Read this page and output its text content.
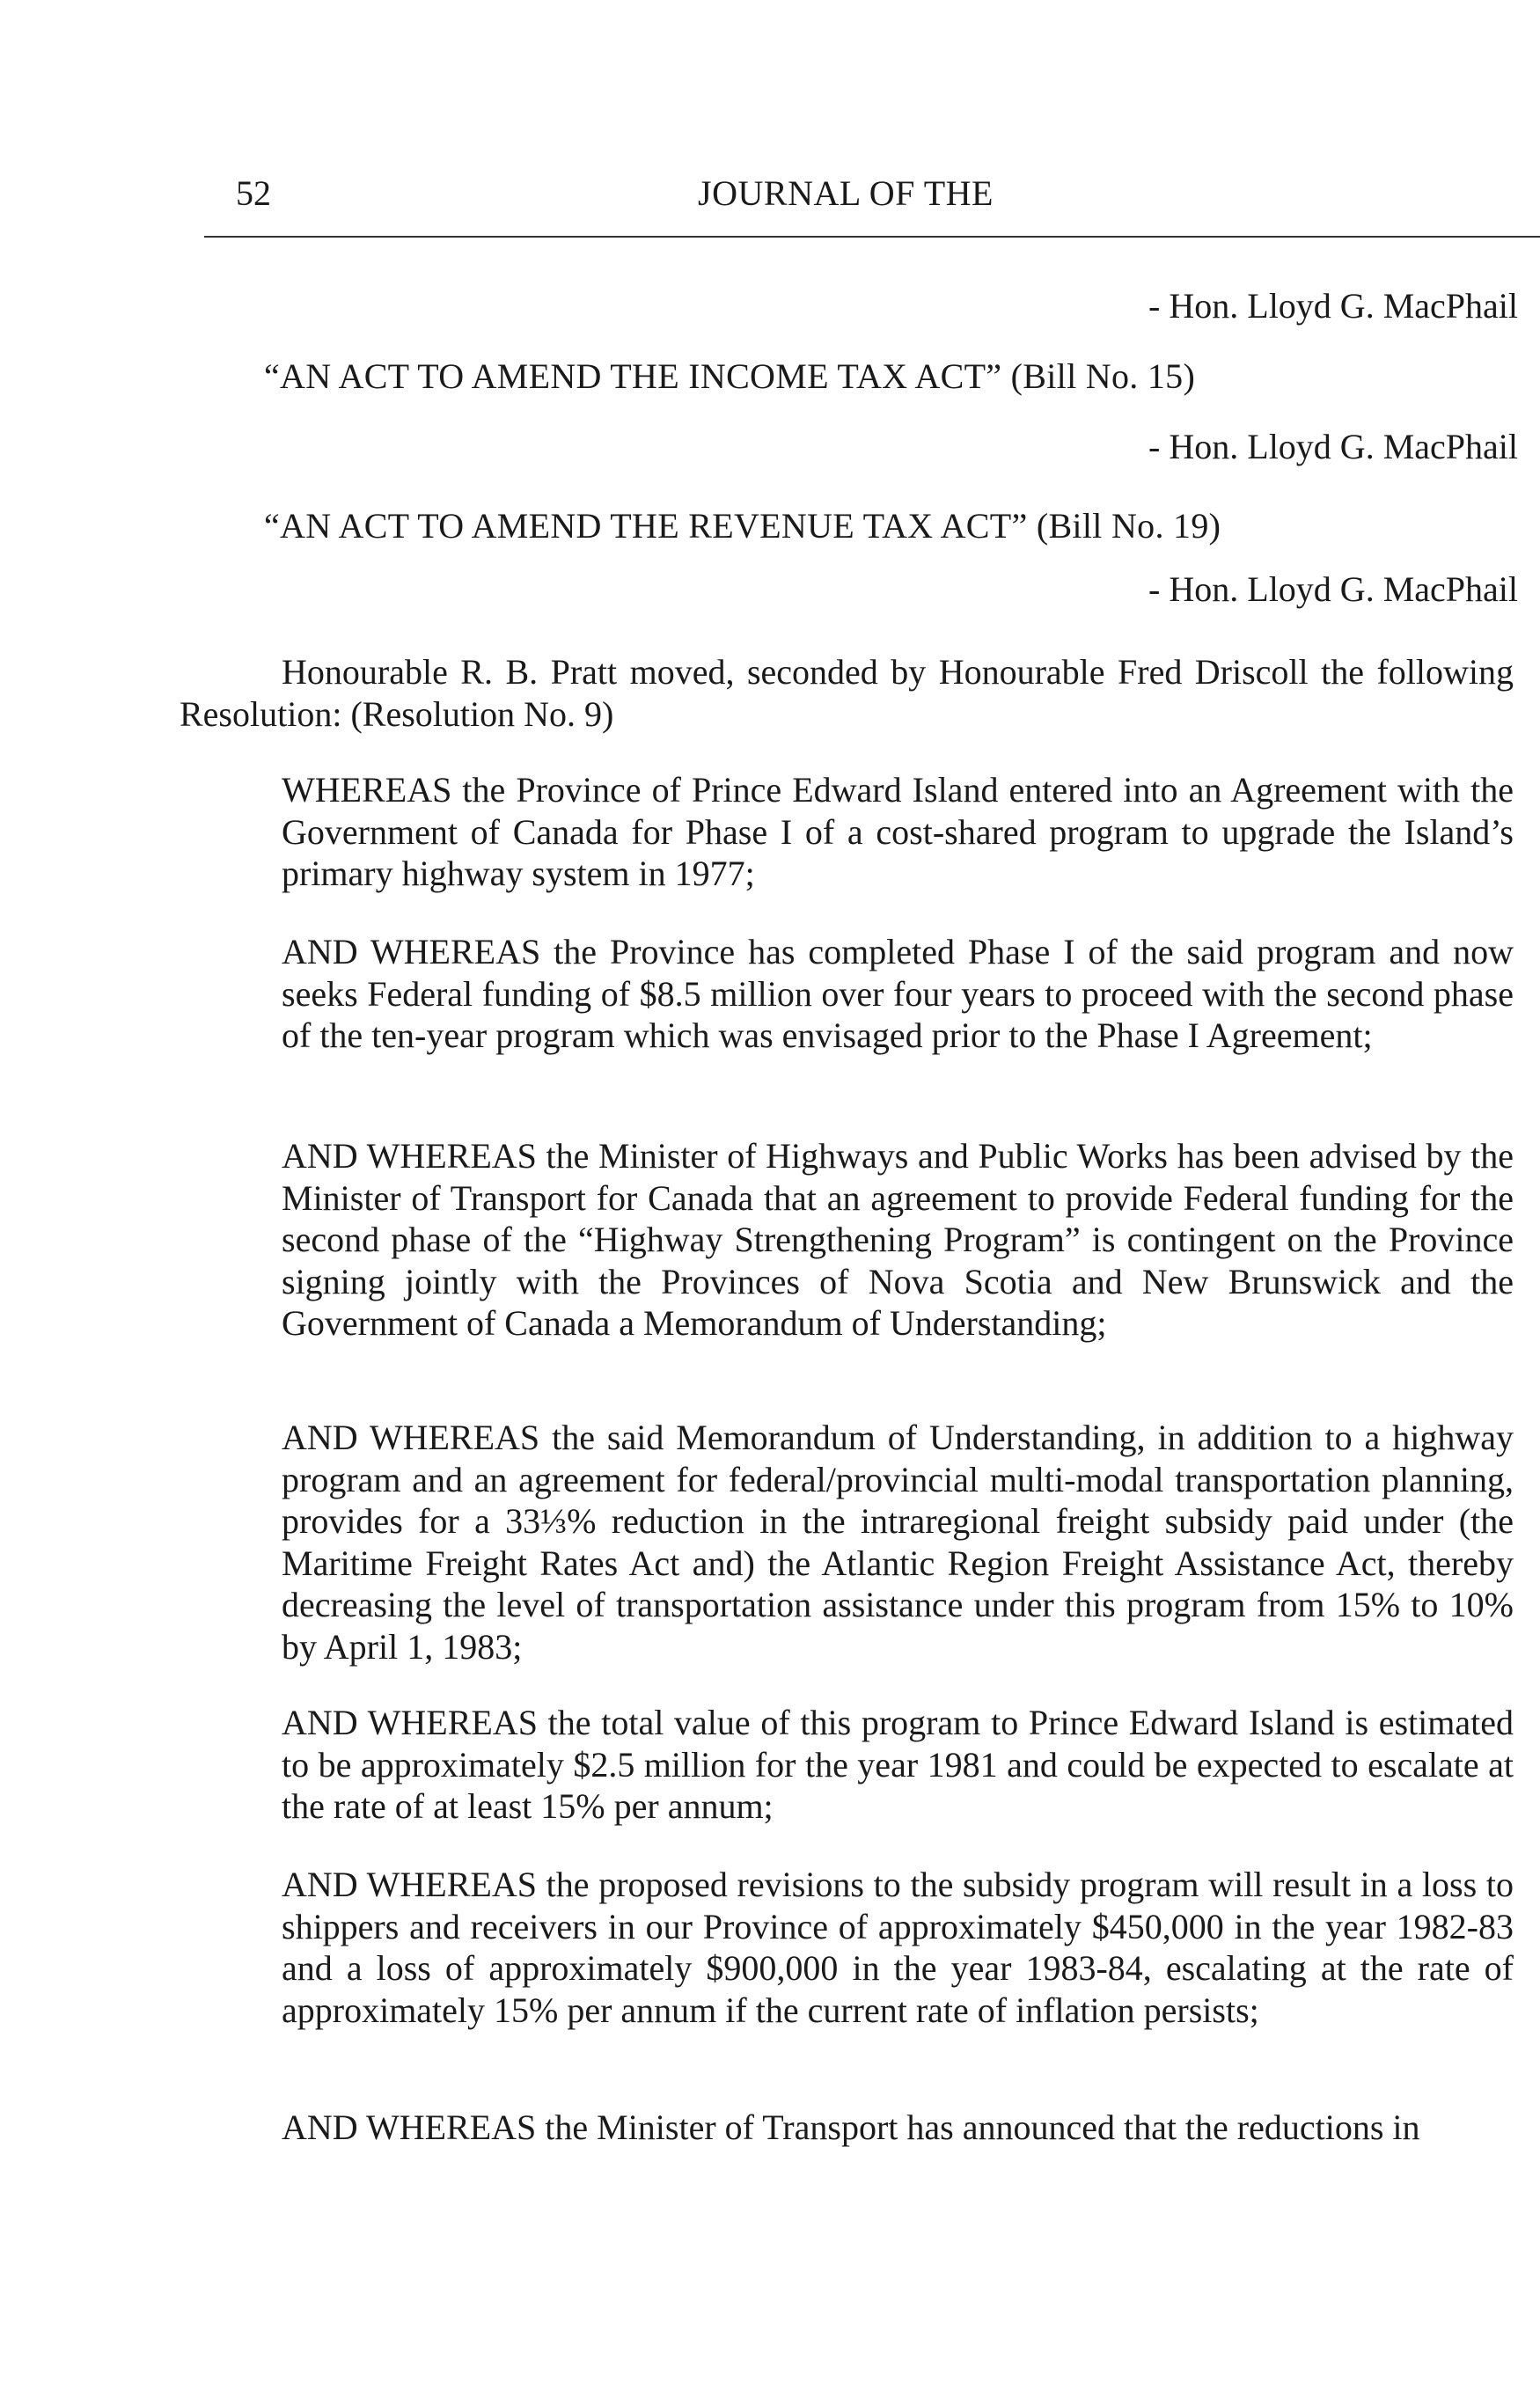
52	JOURNAL OF THE
- Hon. Lloyd G. MacPhail
“AN ACT TO AMEND THE INCOME TAX ACT” (Bill No. 15)
- Hon. Lloyd G. MacPhail
“AN ACT TO AMEND THE REVENUE TAX ACT” (Bill No. 19)
- Hon. Lloyd G. MacPhail
Honourable R. B. Pratt moved, seconded by Honourable Fred Driscoll the following Resolution: (Resolution No. 9)
WHEREAS the Province of Prince Edward Island entered into an Agreement with the Government of Canada for Phase I of a cost-shared program to upgrade the Island’s primary highway system in 1977;
AND WHEREAS the Province has completed Phase I of the said program and now seeks Federal funding of $8.5 million over four years to proceed with the second phase of the ten-year program which was envisaged prior to the Phase I Agreement;
AND WHEREAS the Minister of Highways and Public Works has been advised by the Minister of Transport for Canada that an agreement to provide Federal funding for the second phase of the “Highway Strengthening Program” is contingent on the Province signing jointly with the Provinces of Nova Scotia and New Brunswick and the Government of Canada a Memorandum of Understanding;
AND WHEREAS the said Memorandum of Understanding, in addition to a highway program and an agreement for federal/provincial multi-modal transportation planning, provides for a 33⅓% reduction in the intraregional freight subsidy paid under (the Maritime Freight Rates Act and) the Atlantic Region Freight Assistance Act, thereby decreasing the level of transportation assistance under this program from 15% to 10% by April 1, 1983;
AND WHEREAS the total value of this program to Prince Edward Island is estimated to be approximately $2.5 million for the year 1981 and could be expected to escalate at the rate of at least 15% per annum;
AND WHEREAS the proposed revisions to the subsidy program will result in a loss to shippers and receivers in our Province of approximately $450,000 in the year 1982-83 and a loss of approximately $900,000 in the year 1983-84, escalating at the rate of approximately 15% per annum if the current rate of inflation persists;
AND WHEREAS the Minister of Transport has announced that the reductions in
